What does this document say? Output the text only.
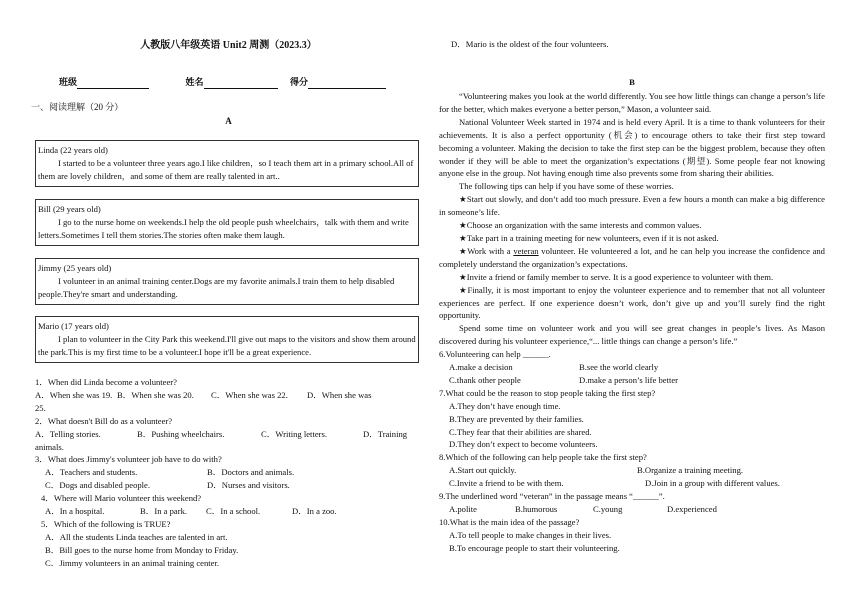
人教版八年级英语 Unit2 周测（2023.3）
班级	姓名	得分
一、阅读理解（20 分）
A
Linda (22 years old)

I started to be a volunteer three years ago.I like children，so I teach them art in a primary school.All of them are lovely children，and some of them are really talented in art..

Bill (29 years old)

I go to the nurse home on weekends.I help the old people push wheelchairs，talk with them and write letters.Sometimes I tell them stories.The stories often make them laugh.

Jimmy (25 years old)

I volunteer in an animal training center.Dogs are my favorite animals.I train them to help disabled people.They're smart and understanding.

Mario (17 years old)

I plan to volunteer in the City Park this weekend.I'll give out maps to the visitors and show them around the park.This is my first time to be a volunteer.I hope it'll be a great experience.

1．When did Linda become a volunteer?
A．When she was 19. B．When she was 20.	C．When she was 22.	D．When she was
25.
2．What doesn't Bill do as a volunteer?
A．Telling stories.	B．Pushing wheelchairs.	C．Writing letters.	D．Training
animals.
3．What does Jimmy's volunteer job have to do with?
A．Teachers and students.	B．Doctors and animals.
C．Dogs and disabled people.	D．Nurses and visitors.
4．Where will Mario volunteer this weekend?
A．In a hospital.	B．In a park.	C．In a school.	D．In a zoo.
5．Which of the following is TRUE?
A．All the students Linda teaches are talented in art.
B．Bill goes to the nurse home from Monday to Friday.
C．Jimmy volunteers in an animal training center.
D．Mario is the oldest of the four volunteers.
B

“Volunteering makes you look at the world differently. You see how little things can change a person’s life for the better, which makes everyone a better person,” Mason, a volunteer said.

National Volunteer Week started in 1974 and is held every April. It is a time to thank volunteers for their achievements. It is also a perfect opportunity (机会) to encourage others to take their first step toward becoming a volunteer. Making the decision to take the first step can be the biggest problem, because they often wonder if they will be able to meet the organization’s expectations (期望). Some people fear not knowing anyone else in the group. Not having enough time also prevents some from sharing their abilities.

The following tips can help if you have some of these worries.

★Start out slowly, and don’t add too much pressure. Even a few hours a month can make a big difference in someone’s life.

★Choose an organization with the same interests and common values.

★Take part in a training meeting for new volunteers, even if it is not asked.

★Work with a veteran volunteer. He volunteered a lot, and he can help you increase the confidence and completely understand the organization’s expectations.

★Invite a friend or family member to serve. It is a good experience to volunteer with them.

★Finally, it is most important to enjoy the volunteer experience and to remember that not all volunteer experiences are perfect. If one experience doesn’t work, don’t give up and you’ll surely find the right opportunity.

Spend some time on volunteer work and you will see great changes in people’s lives. As Mason discovered during his volunteer experience,“... little things can change a person’s life.”

6.Volunteering can help ______.
A.make a decision	B.see the world clearly
C.thank other people	D.make a person’s life better
7.What could be the reason to stop people taking the first step?
A.They don’t have enough time.
B.They are prevented by their families.
C.They fear that their abilities are shared.
D.They don’t expect to become volunteers.
8.Which of the following can help people take the first step?
A.Start out quickly.	B.Organize a training meeting.
C.Invite a friend to be with them.	D.Join in a group with different values.
9.The underlined word “veteran” in the passage means “______”.
A.polite	B.humorous	C.young	D.experienced
10.What is the main idea of the passage?
A.To tell people to make changes in their lives.
B.To encourage people to start their volunteering.
